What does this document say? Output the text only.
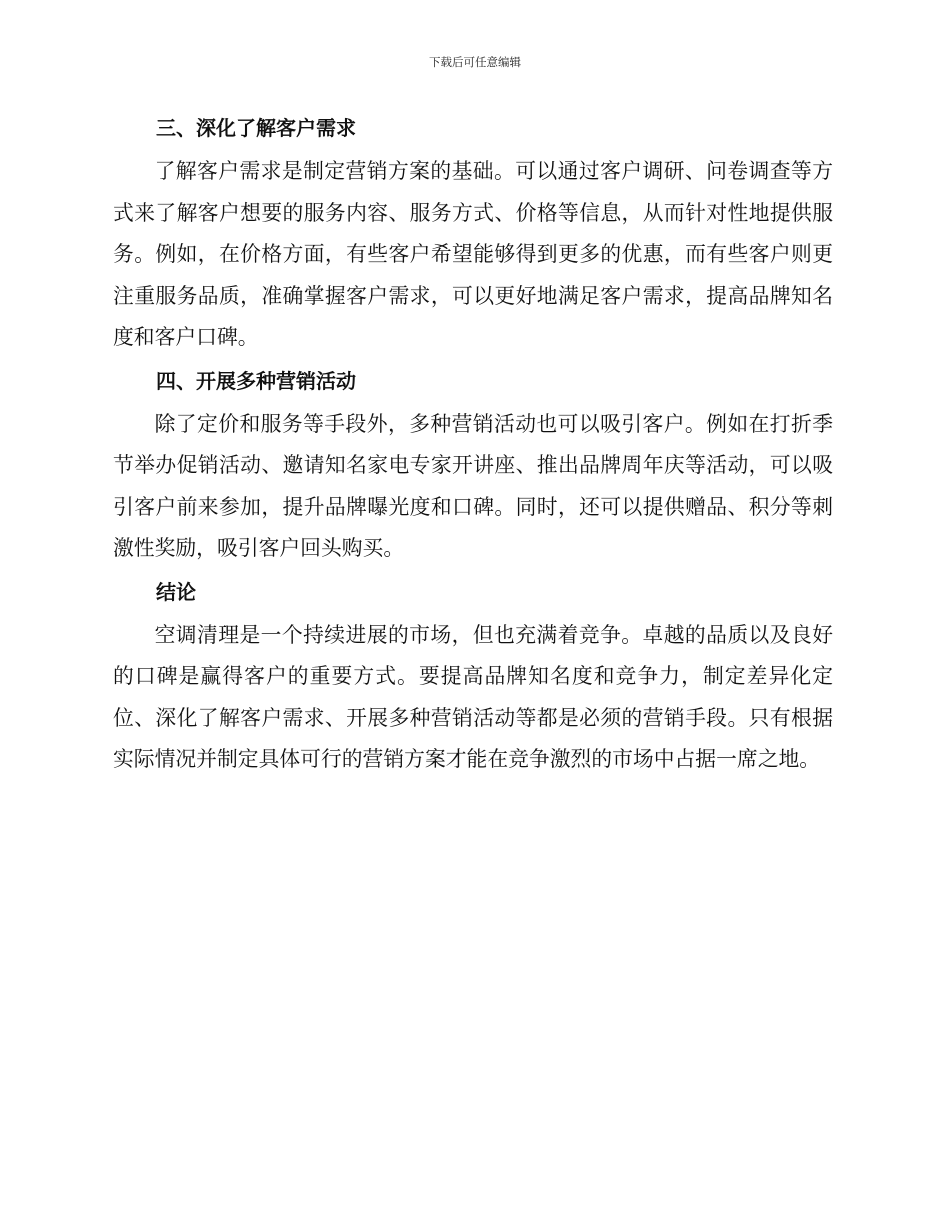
下载后可任意编辑
三、深化了解客户需求

了解客户需求是制定营销方案的基础。可以通过客户调研、问卷调查等方式来了解客户想要的服务内容、服务方式、价格等信息，从而针对性地提供服务。例如，在价格方面，有些客户希望能够得到更多的优惠，而有些客户则更注重服务品质，准确掌握客户需求，可以更好地满足客户需求，提高品牌知名度和客户口碑。

四、开展多种营销活动

除了定价和服务等手段外，多种营销活动也可以吸引客户。例如在打折季节举办促销活动、邀请知名家电专家开讲座、推出品牌周年庆等活动，可以吸引客户前来参加，提升品牌曝光度和口碑。同时，还可以提供赠品、积分等刺激性奖励，吸引客户回头购买。

结论

空调清理是一个持续进展的市场，但也充满着竞争。卓越的品质以及良好的口碑是赢得客户的重要方式。要提高品牌知名度和竞争力，制定差异化定位、深化了解客户需求、开展多种营销活动等都是必须的营销手段。只有根据实际情况并制定具体可行的营销方案才能在竞争激烈的市场中占据一席之地。
